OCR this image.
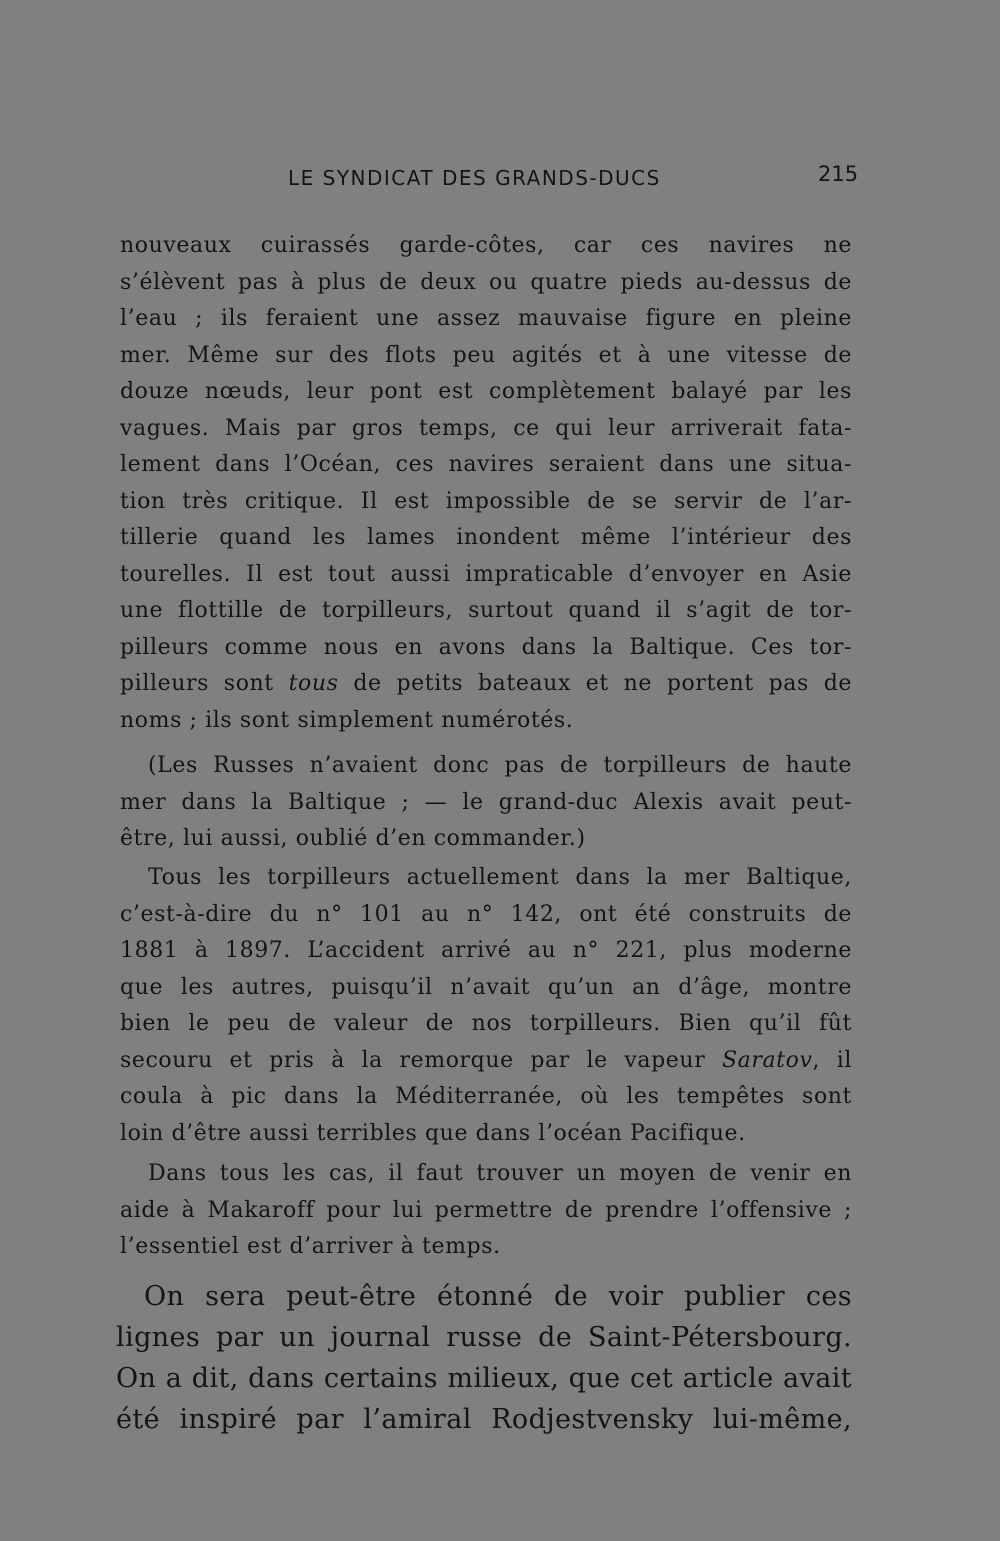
LE SYNDICAT DES GRANDS-DUCS	215
nouveaux cuirassés garde-côtes, car ces navires ne
s’élèvent pas à plus de deux ou quatre pieds au-dessus de
l’eau ; ils feraient une assez mauvaise figure en pleine
mer. Même sur des flots peu agités et à une vitesse de
douze nœuds, leur pont est complètement balayé par les
vagues. Mais par gros temps, ce qui leur arriverait fata-
lement dans l’Océan, ces navires seraient dans une situa-
tion très critique. Il est impossible de se servir de l’ar-
tillerie quand les lames inondent même l’intérieur des
tourelles. Il est tout aussi impraticable d’envoyer en Asie
une flottille de torpilleurs, surtout quand il s’agit de tor-
pilleurs comme nous en avons dans la Baltique. Ces tor-
pilleurs sont tous de petits bateaux et ne portent pas de
noms ; ils sont simplement numérotés.
(Les Russes n’avaient donc pas de torpilleurs de haute
mer dans la Baltique ; — le grand-duc Alexis avait peut-
être, lui aussi, oublié d’en commander.)
Tous les torpilleurs actuellement dans la mer Baltique,
c’est-à-dire du n° 101 au n° 142, ont été construits de
1881 à 1897. L’accident arrivé au n° 221, plus moderne
que les autres, puisqu’il n’avait qu’un an d’âge, montre
bien le peu de valeur de nos torpilleurs. Bien qu’il fût
secouru et pris à la remorque par le vapeur Saratov, il
coula à pic dans la Méditerranée, où les tempêtes sont
loin d’être aussi terribles que dans l’océan Pacifique.
Dans tous les cas, il faut trouver un moyen de venir en
aide à Makaroff pour lui permettre de prendre l’offensive ;
l’essentiel est d’arriver à temps.
On sera peut-être étonné de voir publier ces
lignes par un journal russe de Saint-Pétersbourg.
On a dit, dans certains milieux, que cet article avait
été inspiré par l’amiral Rodjestvensky lui-même,
